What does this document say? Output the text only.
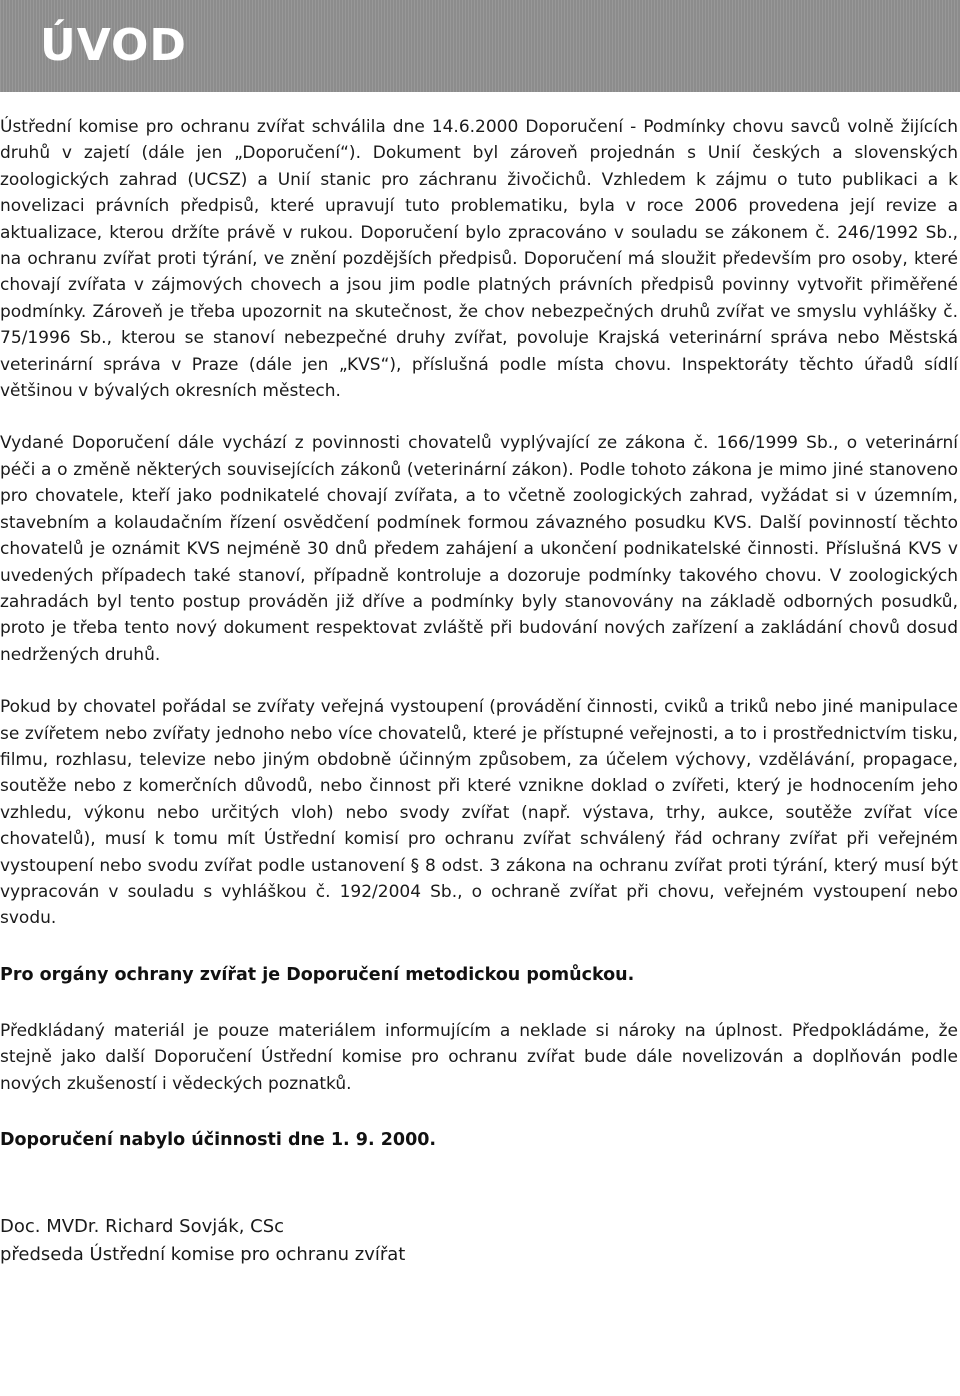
ÚVOD

Ústřední komise pro ochranu zvířat schválila dne 14.6.2000 Doporučení - Podmínky chovu savců volně žijících druhů v zajetí (dále jen „Doporučení“). Dokument byl zároveň projednán s Unií českých a slovenských zoologických zahrad (UCSZ) a Unií stanic pro záchranu živočichů. Vzhledem k zájmu o tuto publikaci a k novelizaci právních předpisů, které upravují tuto problematiku, byla v roce 2006 provedena její revize a aktualizace, kterou držíte právě v rukou. Doporučení bylo zpracováno v souladu se zákonem č. 246/1992 Sb., na ochranu zvířat proti týrání, ve znění pozdějších předpisů. Doporučení má sloužit především pro osoby, které chovají zvířata v zájmových chovech a jsou jim podle platných právních předpisů povinny vytvořit přiměřené podmínky. Zároveň je třeba upozornit na skutečnost, že chov nebezpečných druhů zvířat ve smyslu vyhlášky č. 75/1996 Sb., kterou se stanoví nebezpečné druhy zvířat, povoluje Krajská veterinární správa nebo Městská veterinární správa v Praze (dále jen „KVS“), příslušná podle místa chovu. Inspektoráty těchto úřadů sídlí většinou v bývalých okresních městech.

Vydané Doporučení dále vychází z povinnosti chovatelů vyplývající ze zákona č. 166/1999 Sb., o veterinární péči a o změně některých souvisejících zákonů (veterinární zákon). Podle tohoto zákona je mimo jiné stanoveno pro chovatele, kteří jako podnikatelé chovají zvířata, a to včetně zoologických zahrad, vyžádat si v územním, stavebním a kolaudačním řízení osvědčení podmínek formou závazného posudku KVS. Další povinností těchto chovatelů je oznámit KVS nejméně 30 dnů předem zahájení a ukončení podnikatelské činnosti. Příslušná KVS v uvedených případech také stanoví, případně kontroluje a dozoruje podmínky takového chovu. V zoologických zahradách byl tento postup prováděn již dříve a podmínky byly stanovovány na základě odborných posudků, proto je třeba tento nový dokument respektovat zvláště při budování nových zařízení a zakládání chovů dosud nedržených druhů.

Pokud by chovatel pořádal se zvířaty veřejná vystoupení (provádění činnosti, cviků a triků nebo jiné manipulace se zvířetem nebo zvířaty jednoho nebo více chovatelů, které je přístupné veřejnosti, a to i prostřednictvím tisku, filmu, rozhlasu, televize nebo jiným obdobně účinným způsobem, za účelem výchovy, vzdělávání, propagace, soutěže nebo z komerčních důvodů, nebo činnost při které vznikne doklad o zvířeti, který je hodnocením jeho vzhledu, výkonu nebo určitých vloh) nebo svody zvířat (např. výstava, trhy, aukce, soutěže zvířat více chovatelů), musí k tomu mít Ústřední komisí pro ochranu zvířat schválený řád ochrany zvířat při veřejném vystoupení nebo svodu zvířat podle ustanovení § 8 odst. 3 zákona na ochranu zvířat proti týrání, který musí být vypracován v souladu s vyhláškou č. 192/2004 Sb., o ochraně zvířat při chovu, veřejném vystoupení nebo svodu.

Pro orgány ochrany zvířat je Doporučení metodickou pomůckou.

Předkládaný materiál je pouze materiálem informujícím a neklade si nároky na úplnost. Předpokládáme, že stejně jako další Doporučení Ústřední komise pro ochranu zvířat bude dále novelizován a doplňován podle nových zkušeností i vědeckých poznatků.

Doporučení nabylo účinnosti dne 1. 9. 2000.

Doc. MVDr. Richard Sovják, CSc

předseda Ústřední komise pro ochranu zvířat
